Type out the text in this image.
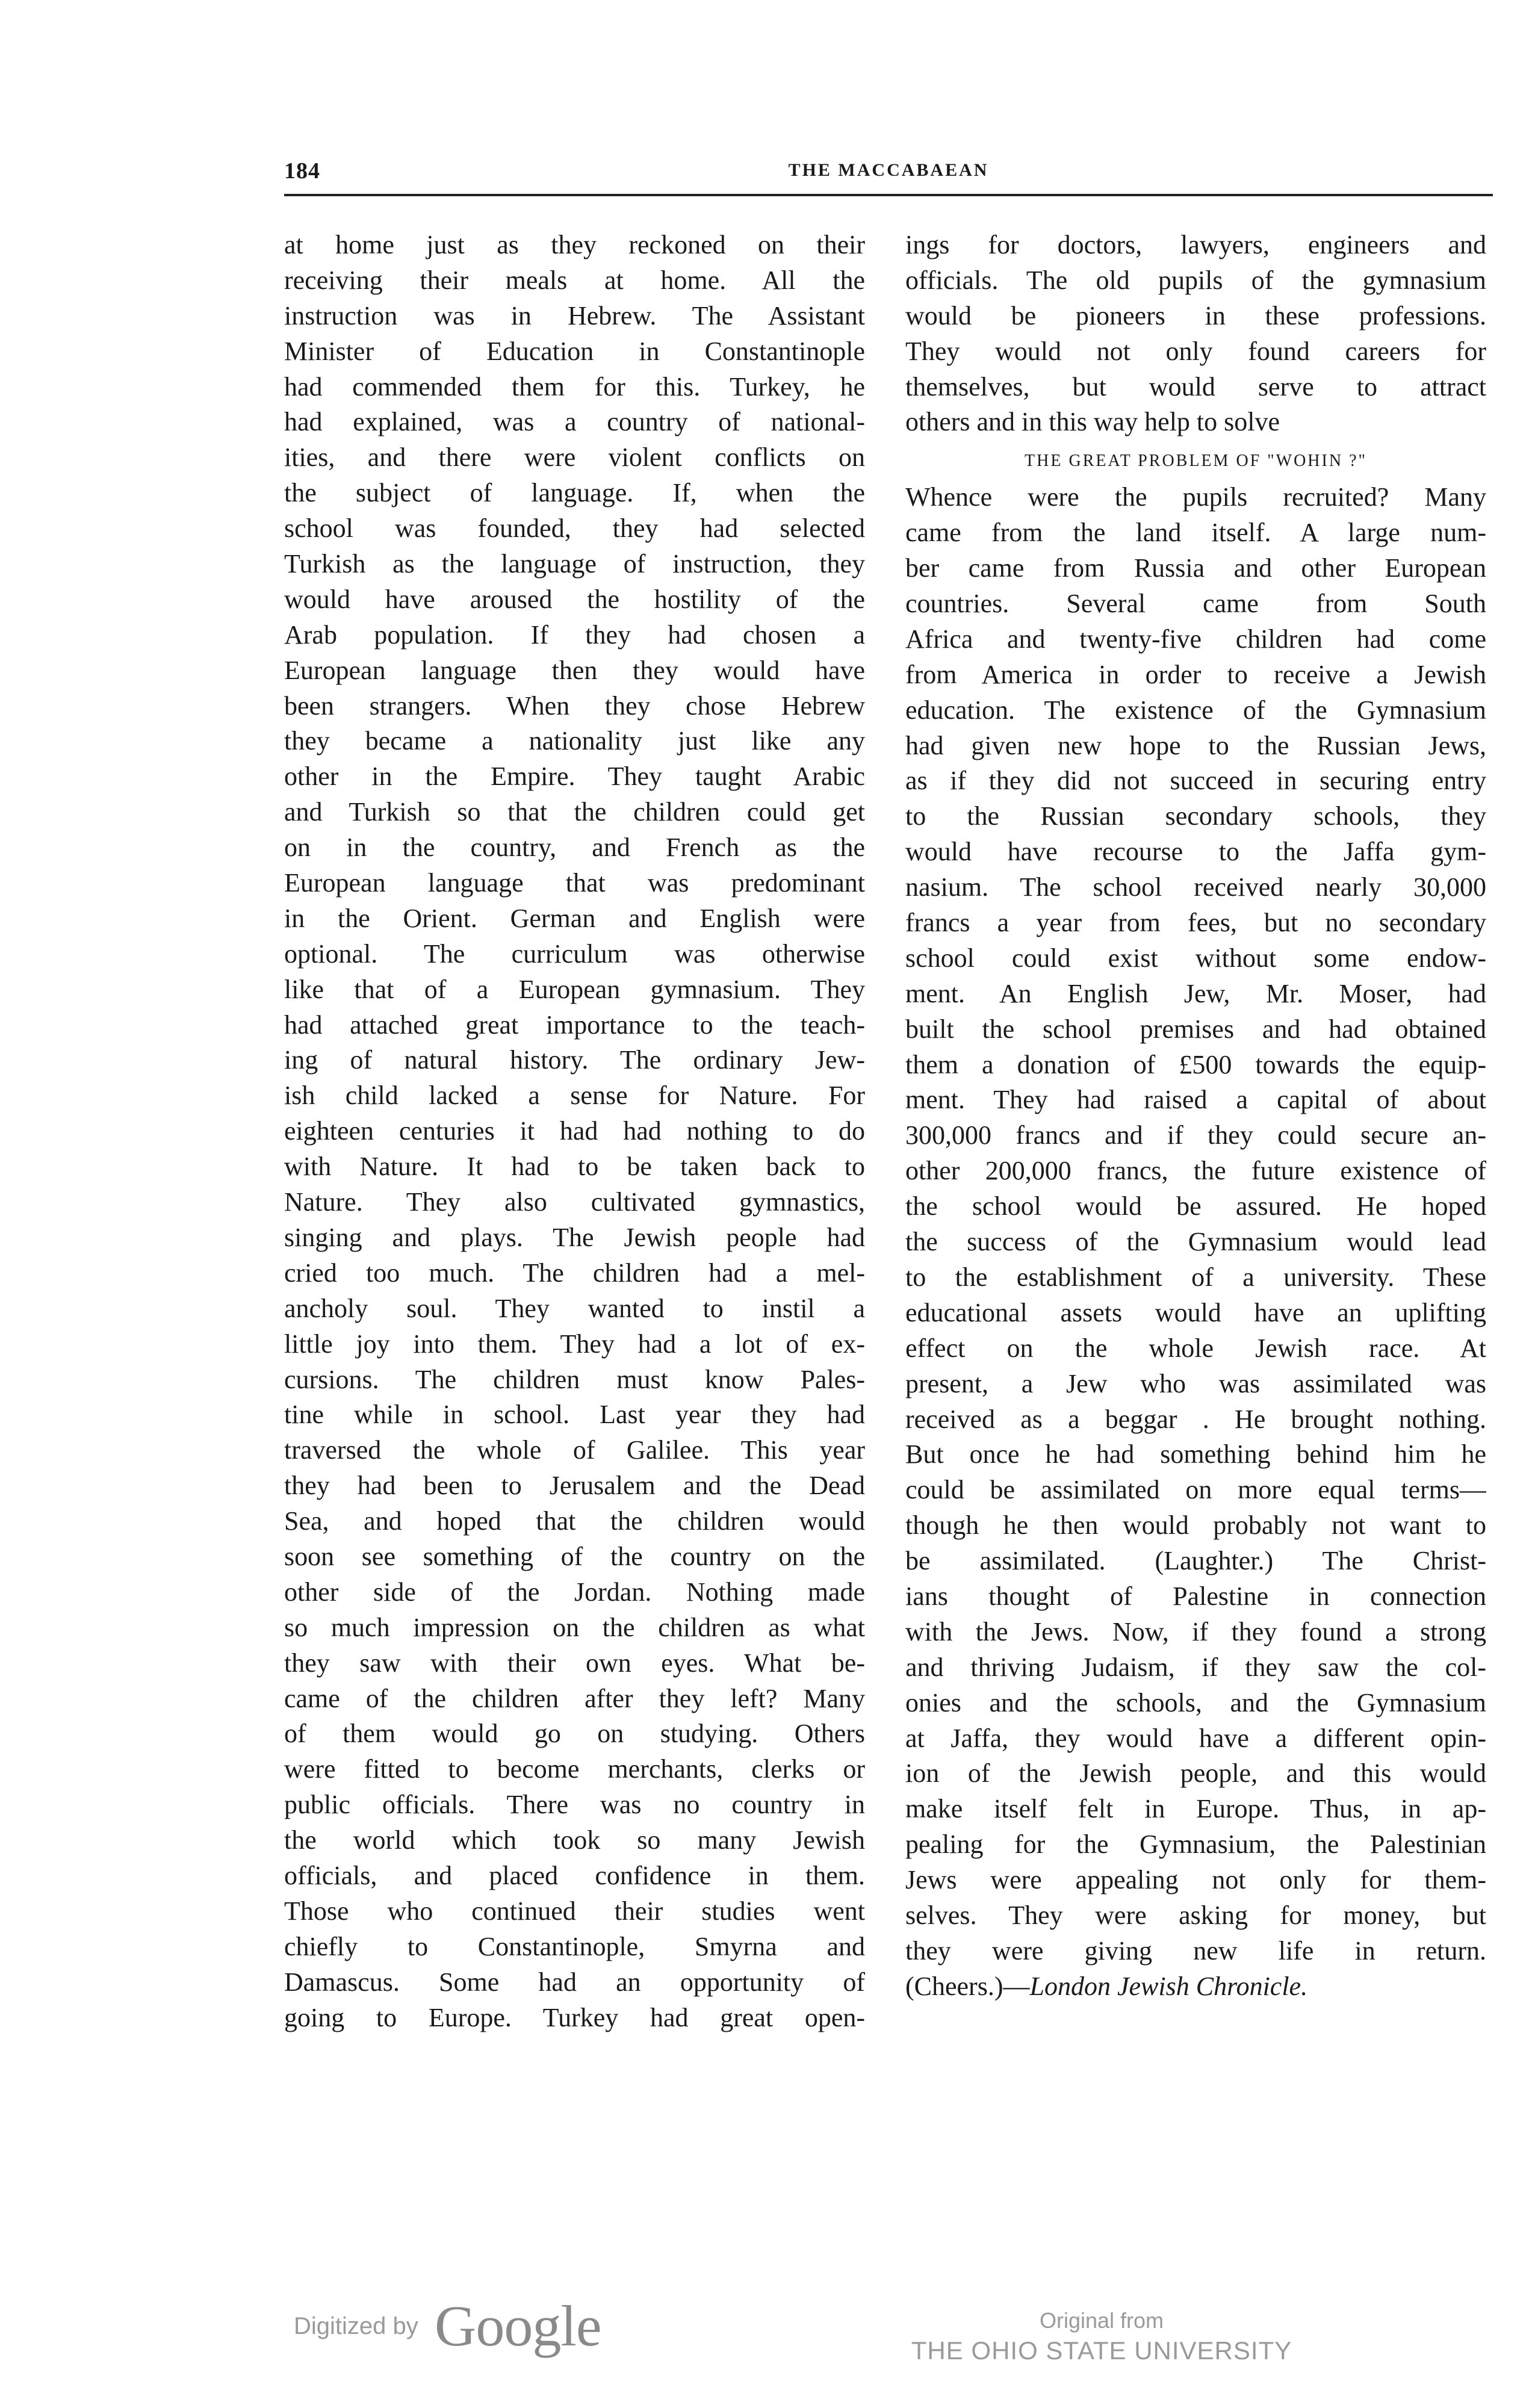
184	THE MACCABAEAN
at home just as they reckoned on their
receiving their meals at home. All the
instruction was in Hebrew. The Assistant
Minister of Education in Constantinople
had commended them for this. Turkey, he
had explained, was a country of national-
ities, and there were violent conflicts on
the subject of language. If, when the
school was founded, they had selected
Turkish as the language of instruction, they
would have aroused the hostility of the
Arab population. If they had chosen a
European language then they would have
been strangers. When they chose Hebrew
they became a nationality just like any
other in the Empire. They taught Arabic
and Turkish so that the children could get
on in the country, and French as the
European language that was predominant
in the Orient. German and English were
optional. The curriculum was otherwise
like that of a European gymnasium. They
had attached great importance to the teach-
ing of natural history. The ordinary Jew-
ish child lacked a sense for Nature. For
eighteen centuries it had had nothing to do
with Nature. It had to be taken back to
Nature. They also cultivated gymnastics,
singing and plays. The Jewish people had
cried too much. The children had a mel-
ancholy soul. They wanted to instil a
little joy into them. They had a lot of ex-
cursions. The children must know Pales-
tine while in school. Last year they had
traversed the whole of Galilee. This year
they had been to Jerusalem and the Dead
Sea, and hoped that the children would
soon see something of the country on the
other side of the Jordan. Nothing made
so much impression on the children as what
they saw with their own eyes. What be-
came of the children after they left? Many
of them would go on studying. Others
were fitted to become merchants, clerks or
public officials. There was no country in
the world which took so many Jewish
officials, and placed confidence in them.
Those who continued their studies went
chiefly to Constantinople, Smyrna and
Damascus. Some had an opportunity of
going to Europe. Turkey had great open-
ings for doctors, lawyers, engineers and
officials. The old pupils of the gymnasium
would be pioneers in these professions.
They would not only found careers for
themselves, but would serve to attract
others and in this way help to solve
THE GREAT PROBLEM OF "WOHIN ?"
Whence were the pupils recruited? Many
came from the land itself. A large num-
ber came from Russia and other European
countries. Several came from South
Africa and twenty-five children had come
from America in order to receive a Jewish
education. The existence of the Gymnasium
had given new hope to the Russian Jews,
as if they did not succeed in securing entry
to the Russian secondary schools, they
would have recourse to the Jaffa gym-
nasium. The school received nearly 30,000
francs a year from fees, but no secondary
school could exist without some endow-
ment. An English Jew, Mr. Moser, had
built the school premises and had obtained
them a donation of £500 towards the equip-
ment. They had raised a capital of about
300,000 francs and if they could secure an-
other 200,000 francs, the future existence of
the school would be assured. He hoped
the success of the Gymnasium would lead
to the establishment of a university. These
educational assets would have an uplifting
effect on the whole Jewish race. At
present, a Jew who was assimilated was
received as a beggar . He brought nothing.
But once he had something behind him he
could be assimilated on more equal terms—
though he then would probably not want to
be assimilated. (Laughter.) The Christ-
ians thought of Palestine in connection
with the Jews. Now, if they found a strong
and thriving Judaism, if they saw the col-
onies and the schools, and the Gymnasium
at Jaffa, they would have a different opin-
ion of the Jewish people, and this would
make itself felt in Europe. Thus, in ap-
pealing for the Gymnasium, the Palestinian
Jews were appealing not only for them-
selves. They were asking for money, but
they were giving new life in return.
(Cheers.)—London Jewish Chronicle.
Digitized by Google	Original from
THE OHIO STATE UNIVERSITY
